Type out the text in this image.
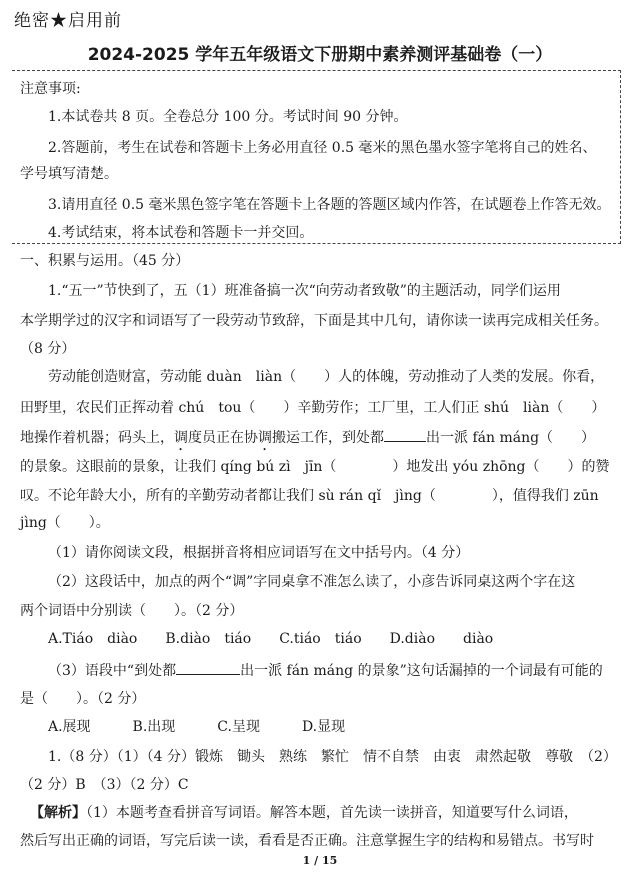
绝密★启用前
2024-2025 学年五年级语文下册期中素养测评基础卷（一）
注意事项:
1.本试卷共 8 页。全卷总分 100 分。考试时间 90 分钟。
2.答题前，考生在试卷和答题卡上务必用直径 0.5 毫米的黑色墨水签字笔将自己的姓名、
学号填写清楚。
3.请用直径 0.5 毫米黑色签字笔在答题卡上各题的答题区域内作答，在试题卷上作答无效。
4.考试结束，将本试卷和答题卡一并交回。
一、积累与运用。（45 分）
1.“五一”节快到了，五（1）班准备搞一次“向劳动者致敬”的主题活动，同学们运用
本学期学过的汉字和词语写了一段劳动节致辞，下面是其中几句，请你读一读再完成相关任务。
（8 分）
劳动能创造财富，劳动能 duàn　liàn（　　）人的体魄，劳动推动了人类的发展。你看，
田野里，农民们正挥动着 chú　tou（　　）辛勤劳作；工厂里，工人们正 shú　liàn（　　）
地操作着机器；码头上，调度员正在协调搬运工作，到处都	出一派 fán máng（　　）
的景象。这眼前的景象，让我们 qíng bú zì　jīn（　　　　）地发出 yóu zhōng（　　）的赞
叹。不论年龄大小，所有的辛勤劳动者都让我们 sù rán qǐ　jìng（　　　　），值得我们 zūn
jìng（　　）。
（1）请你阅读文段，根据拼音将相应词语写在文中括号内。（4 分）
（2）这段话中，加点的两个“调”字同桌拿不准怎么读了，小彦告诉同桌这两个字在这
两个词语中分别读（　　）。（2 分）
A.Tiáo　diào　　B.diào　tiáo　　C.tiáo　tiáo　　D.diào　　diào
（3）语段中“到处都	出一派 fán máng 的景象”这句话漏掉的一个词最有可能的
是（　　）。（2 分）
A.展现　　　B.出现　　　C.呈现　　　D.显现
1.（8 分）（1）（4 分）锻炼　锄头　熟练　繁忙　情不自禁　由衷　肃然起敬　尊敬　（2）
（2 分）B　（3）（2 分）C
【解析】（1）本题考查看拼音写词语。解答本题，首先读一读拼音，知道要写什么词语，
然后写出正确的词语，写完后读一读，看看是否正确。注意掌握生字的结构和易错点。书写时
1 / 15
